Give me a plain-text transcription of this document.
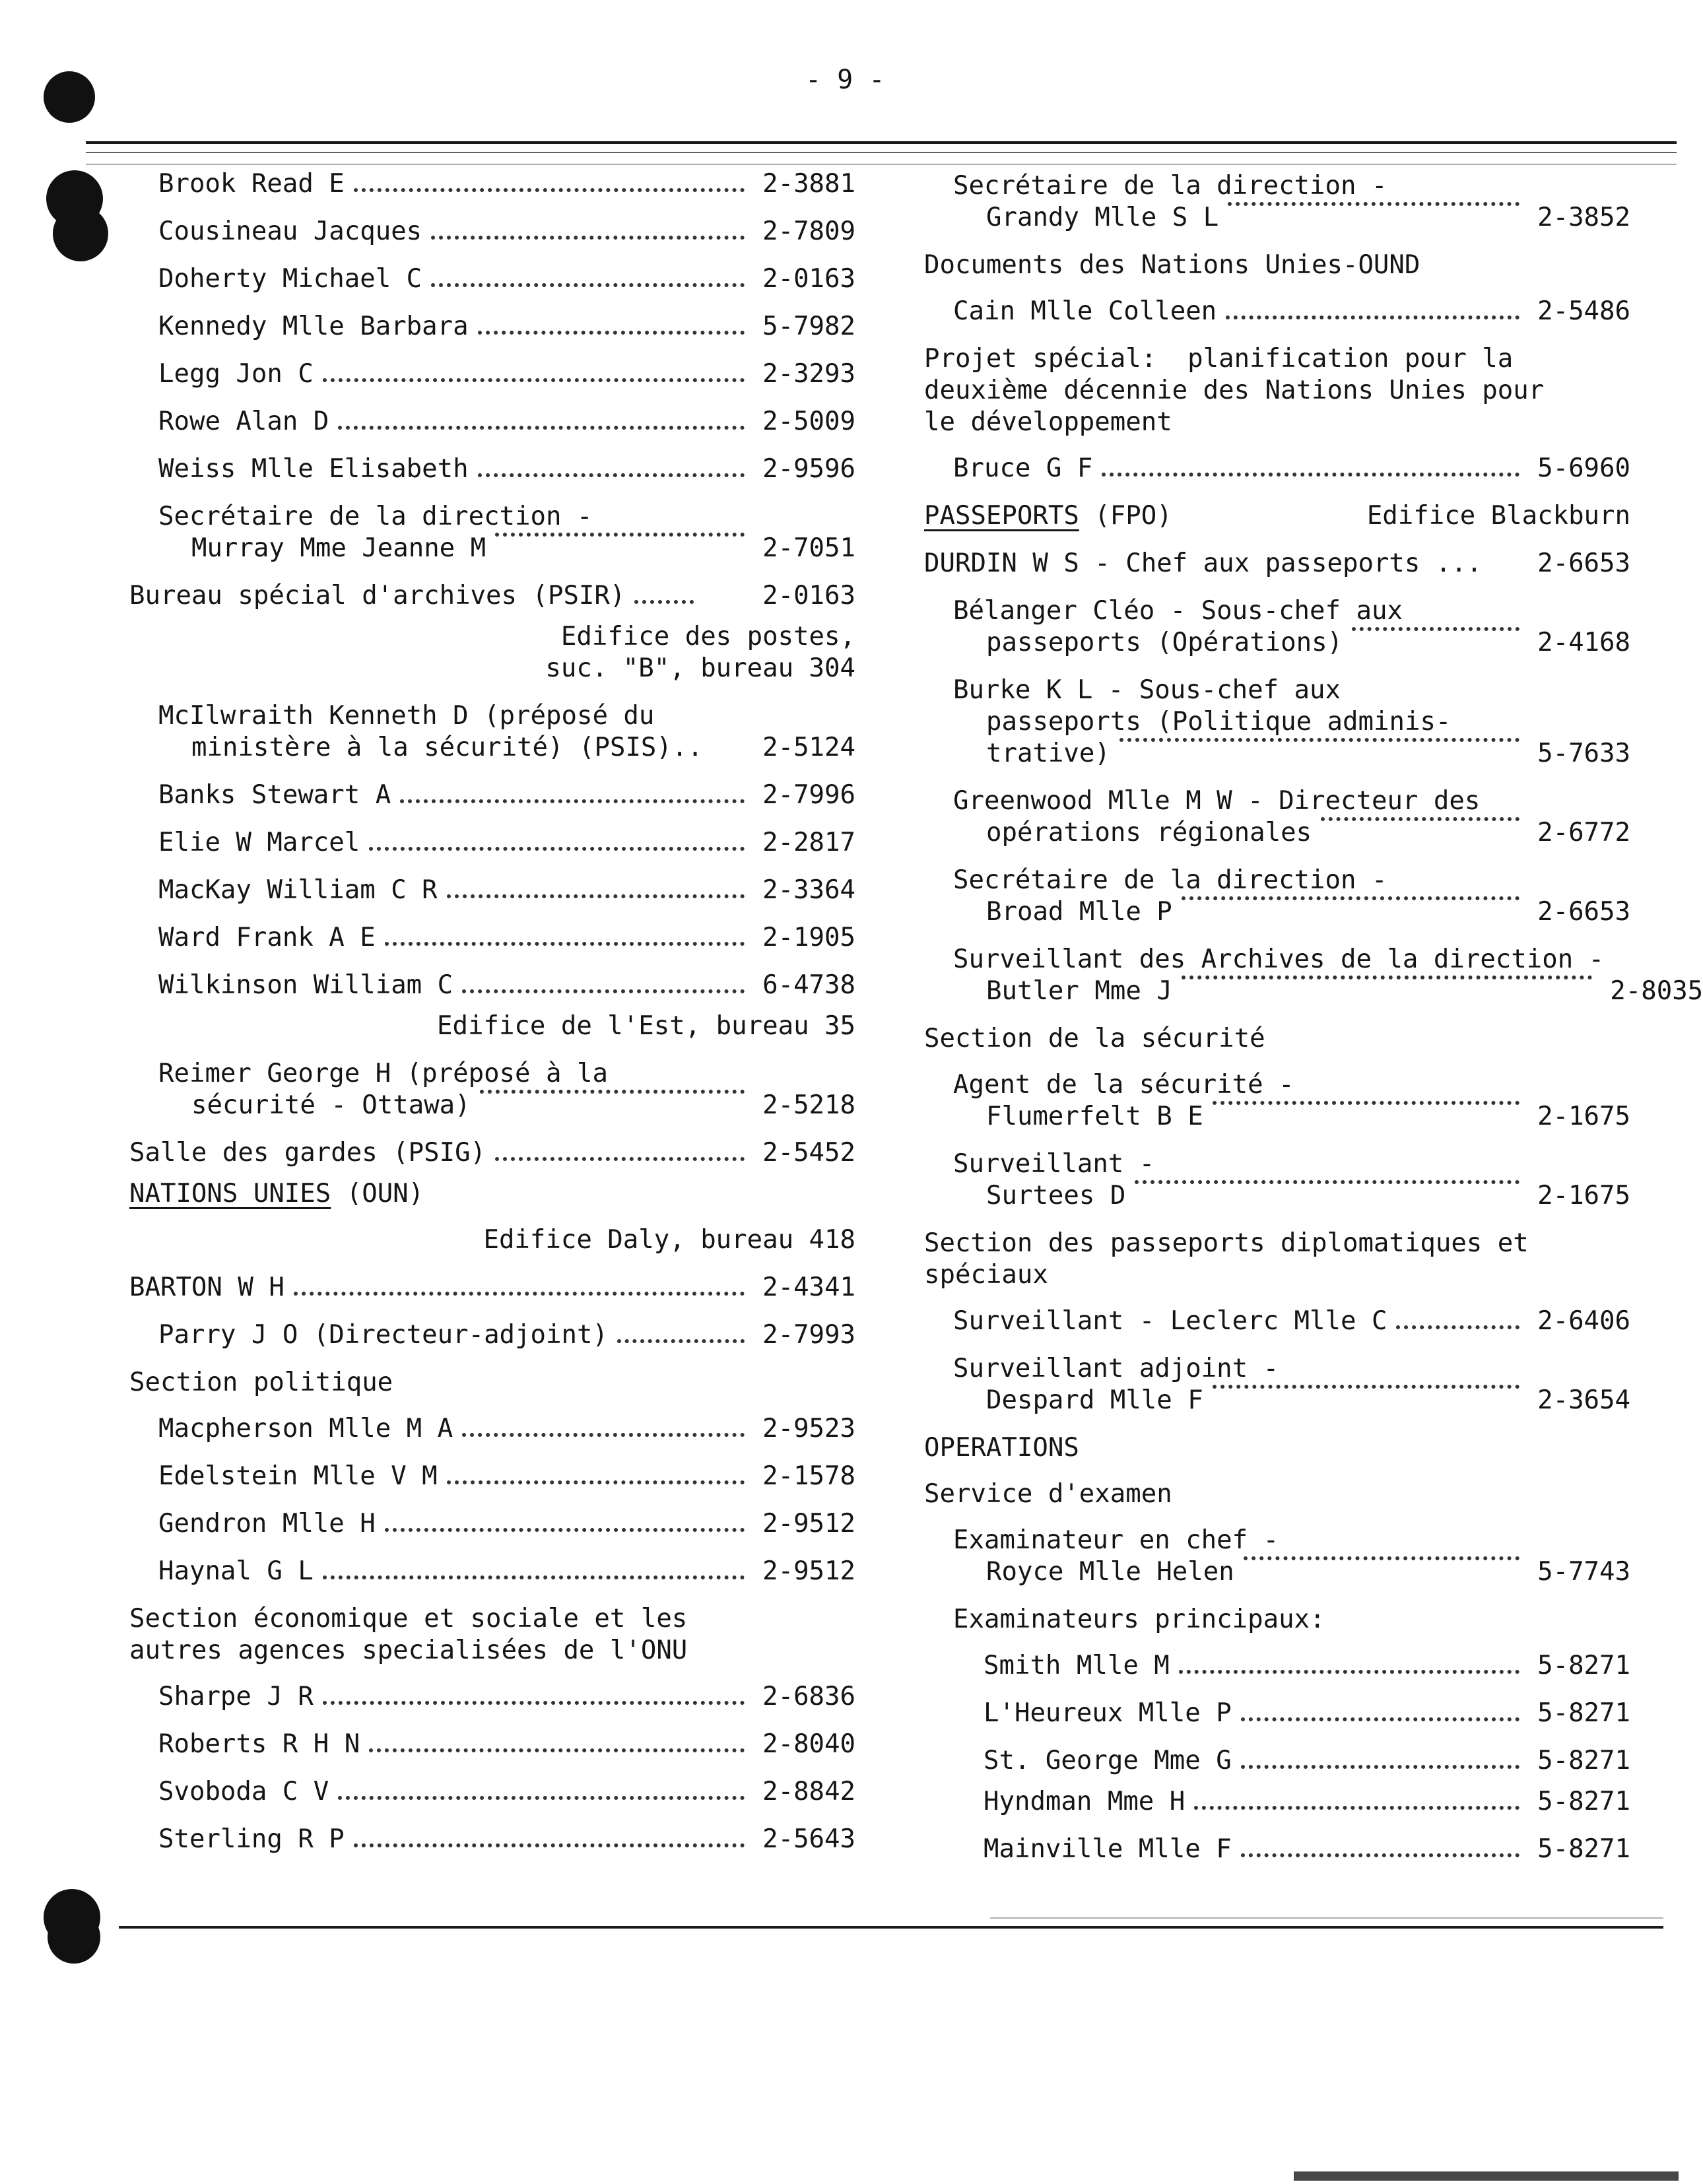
- 9 -
Brook Read E	2-3881
Cousineau Jacques	2-7809
Doherty Michael C	2-0163
Kennedy Mlle Barbara	5-7982
Legg Jon C	2-3293
Rowe Alan D	2-5009
Weiss Mlle Elisabeth	2-9596
Secrétaire de la direction -
Murray Mme Jeanne M	2-7051
Bureau spécial d'archives (PSIR)	2-0163
Edifice des postes,
suc. "B", bureau 304
McIlwraith Kenneth D (préposé du
ministère à la sécurité) (PSIS).. 2-5124
Banks Stewart A	2-7996
Elie W Marcel	2-2817
MacKay William C R	2-3364
Ward Frank A E	2-1905
Wilkinson William C	6-4738
Edifice de l'Est, bureau 35
Reimer George H (préposé à la
sécurité - Ottawa)	2-5218
Salle des gardes (PSIG)	2-5452
NATIONS UNIES (OUN)
Edifice Daly, bureau 418
BARTON W H	2-4341
Parry J O (Directeur-adjoint)	2-7993
Section politique
Macpherson Mlle M A	2-9523
Edelstein Mlle V M	2-1578
Gendron Mlle H	2-9512
Haynal G L	2-9512
Section économique et sociale et les
autres agences specialisées de l'ONU
Sharpe J R	2-6836
Roberts R H N	2-8040
Svoboda C V	2-8842
Sterling R P	2-5643
Secrétaire de la direction -
Grandy Mlle S L	2-3852
Documents des Nations Unies-OUND
Cain Mlle Colleen	2-5486
Projet spécial:  planification pour la
deuxième décennie des Nations Unies pour
le développement
Bruce G F	5-6960
PASSEPORTS (FPO)	Edifice Blackburn
DURDIN W S - Chef aux passeports ... 2-6653
Bélanger Cléo - Sous-chef aux
passeports (Opérations)	2-4168
Burke K L - Sous-chef aux
passeports (Politique adminis-
trative)	5-7633
Greenwood Mlle M W - Directeur des
opérations régionales	2-6772
Secrétaire de la direction -
Broad Mlle P	2-6653
Surveillant des Archives de la direction -
Butler Mme J	2-8035
Section de la sécurité
Agent de la sécurité -
Flumerfelt B E	2-1675
Surveillant -
Surtees D	2-1675
Section des passeports diplomatiques et
spéciaux
Surveillant - Leclerc Mlle C	2-6406
Surveillant adjoint -
Despard Mlle F	2-3654
OPERATIONS
Service d'examen
Examinateur en chef -
Royce Mlle Helen	5-7743
Examinateurs principaux:
Smith Mlle M	5-8271
L'Heureux Mlle P	5-8271
St. George Mme G	5-8271
Hyndman Mme H	5-8271
Mainville Mlle F	5-8271
